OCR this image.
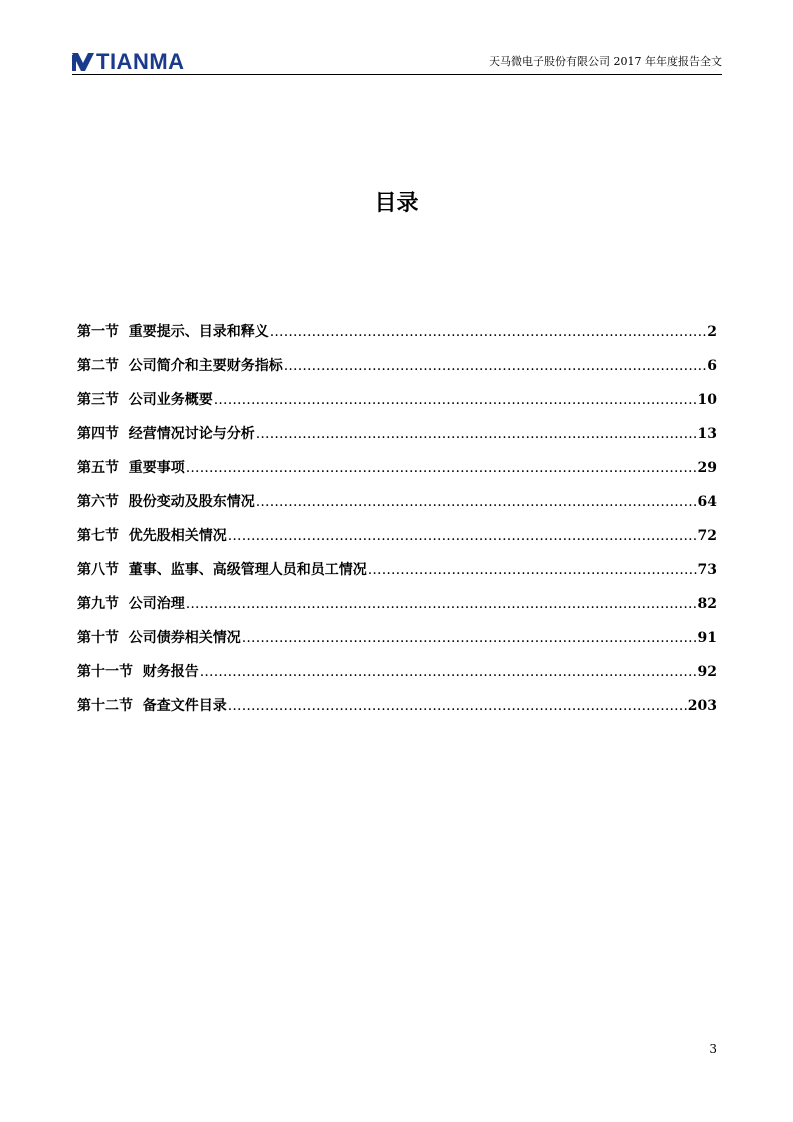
TIANMA	天马微电子股份有限公司 2017 年年度报告全文
目录
第一节 重要提示、目录和释义 .....	2
第二节 公司简介和主要财务指标 .....	6
第三节 公司业务概要 .....	10
第四节 经营情况讨论与分析 .....	13
第五节 重要事项 .....	29
第六节 股份变动及股东情况 .....	64
第七节 优先股相关情况 .....	72
第八节 董事、监事、高级管理人员和员工情况 .....	73
第九节 公司治理 .....	82
第十节 公司债券相关情况 .....	91
第十一节 财务报告 .....	92
第十二节 备查文件目录 .....	203
3
